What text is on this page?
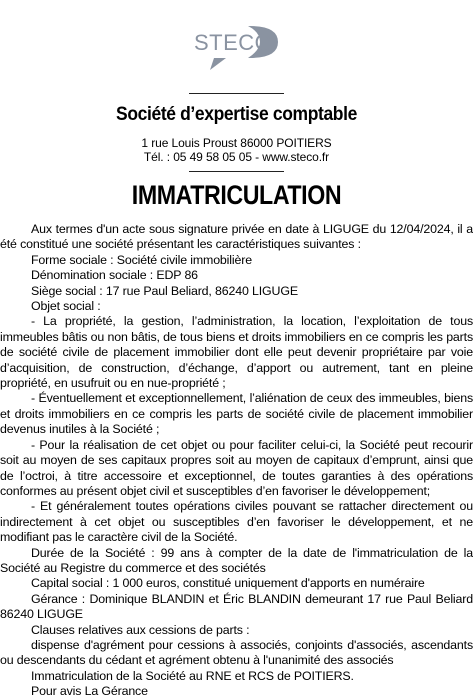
STECO
Société d’expertise comptable
1 rue Louis Proust 86000 POITIERS
Tél. : 05 49 58 05 05 - www.steco.fr
IMMATRICULATION

Aux termes d'un acte sous signature privée en date à LIGUGE du 12/04/2024, il a été constitué une société présentant les caractéristiques suivantes :

Forme sociale : Société civile immobilière

Dénomination sociale : EDP 86

Siège social : 17 rue Paul Beliard, 86240 LIGUGE

Objet social :

- La propriété, la gestion, l’administration, la location, l’exploitation de tous immeubles bâtis ou non bâtis, de tous biens et droits immobiliers en ce compris les parts de société civile de placement immobilier dont elle peut devenir propriétaire par voie d’acquisition, de construction, d’échange, d’apport ou autrement, tant en pleine propriété, en usufruit ou en nue-propriété ;

- Éventuellement et exceptionnellement, l’aliénation de ceux des immeubles, biens et droits immobiliers en ce compris les parts de société civile de placement immobilier devenus inutiles à la Société ;

- Pour la réalisation de cet objet ou pour faciliter celui-ci, la Société peut recourir soit au moyen de ses capitaux propres soit au moyen de capitaux d’emprunt, ainsi que de l’octroi, à titre accessoire et exceptionnel, de toutes garanties à des opérations conformes au présent objet civil et susceptibles d’en favoriser le développement;

- Et généralement toutes opérations civiles pouvant se rattacher directement ou indirectement à cet objet ou susceptibles d’en favoriser le développement, et ne modifiant pas le caractère civil de la Société.

Durée de la Société : 99 ans à compter de la date de l'immatriculation de la Société au Registre du commerce et des sociétés

Capital social : 1 000 euros, constitué uniquement d'apports en numéraire

Gérance : Dominique BLANDIN et Éric BLANDIN demeurant 17 rue Paul Beliard 86240 LIGUGE

Clauses relatives aux cessions de parts :

dispense d'agrément pour cessions à associés, conjoints d'associés, ascendants ou descendants du cédant et agrément obtenu à l'unanimité des associés

Immatriculation de la Société au RNE et RCS de POITIERS.

Pour avis La Gérance
